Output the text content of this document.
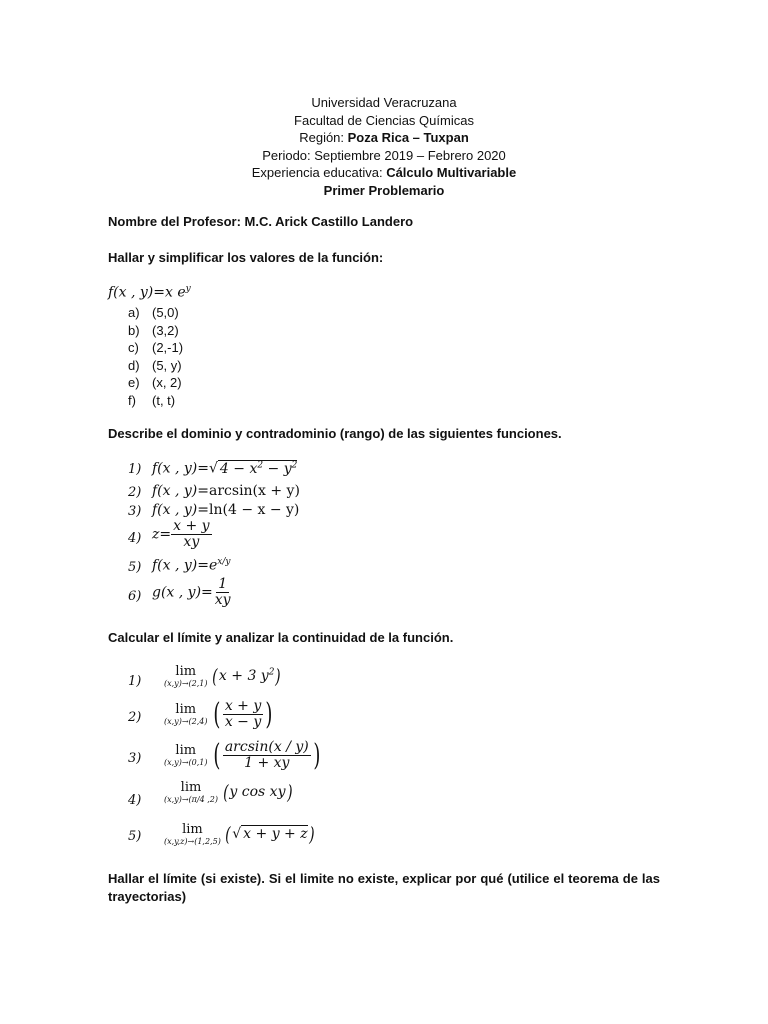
Universidad Veracruzana
Facultad de Ciencias Químicas
Región: Poza Rica – Tuxpan
Periodo: Septiembre 2019 – Febrero 2020
Experiencia educativa: Cálculo Multivariable
Primer Problemario
Nombre del Profesor: M.C. Arick Castillo Landero
Hallar y simplificar los valores de la función:
f(x , y)=x $e^y$
a) (5,0)
b) (3,2)
c)	(2,-1)
d) (5, y)
e) (x, 2)
f)	(t, t)
Describe el dominio y contradominio (rango) de las siguientes funciones.
1) f(x , y)=√ $4 - x^2 - y^2$
2) f(x , y)=arcsin(x + y)
3) f(x , y)=ln(4 − x − y)
4) $z= \frac{x + y}{xy}$
5) f(x , $y)=e^{x/y}$
6) g(x , $y)= \frac{1}{xy}$
Calcular el límite y analizar la continuidad de la función.
1)
lim
(x,y)→(2,1) (x + 3 $y^2$)
2)
lim
(x,y)→(2,4) ( $\frac{x + y}{x - y}$ )
3)
lim
(x,y)→(0,1) ( $\frac{\arcsin(x / y)}{1 + xy}$ )
4)
lim
(x,y)→(π/4 ,2) (y cos xy)
5)	lim
(x,y,z)→(1,2,5) (√ x + y + z)
Hallar el límite (si existe). Si el limite no existe, explicar por qué (utilice el teorema de las trayectorias)
